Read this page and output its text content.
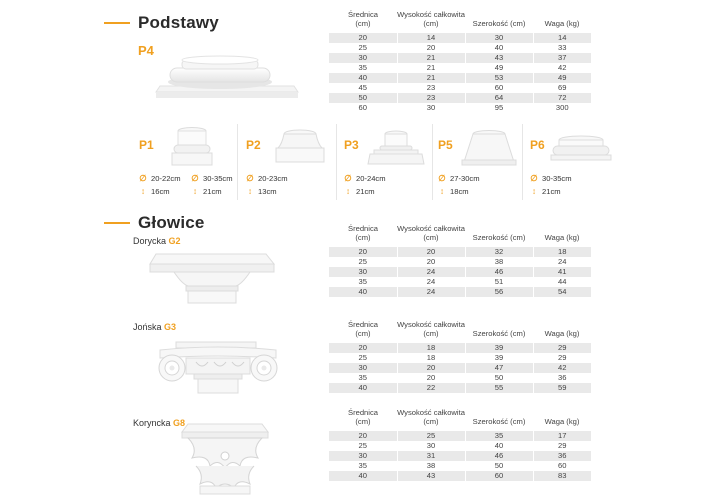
Podstawy
P4
Średnica
(cm)	Wysokość całkowita
(cm)	Szerokość (cm)	Waga (kg)
20	14	30	14
25	20	40	33
30	21	43	37
35	21	49	42
40	21	53	49
45	23	60	69
50	23	64	72
60	30	95	300
P1
∅ 20-22cm ∅ 30-35cm
↕ 16cm	↕ 21cm
P2
∅ 20-23cm
↕ 13cm
P3
∅ 20-24cm
↕ 21cm
P5
∅ 27-30cm
↕ 18cm
P6
∅ 30-35cm
↕ 21cm
Głowice
Dorycka G2
Średnica
(cm)	Wysokość całkowita
(cm)	Szerokość (cm)	Waga (kg)
20	20	32	18
25	20	38	24
30	24	46	41
35	24	51	44
40	24	56	54
Jońska G3	Średnica
(cm)	Wysokość całkowita
(cm)	Szerokość (cm)	Waga (kg)
20	18	39	29
25	18	39	29
30	20	47	42
35	20	50	36
40	22	55	59
Koryncka G8
Średnica
(cm)	Wysokość całkowita
(cm)	Szerokość (cm)	Waga (kg)
20	25	35	17
25	30	40	29
30	31	46	36
35	38	50	60
40	43	60	83
